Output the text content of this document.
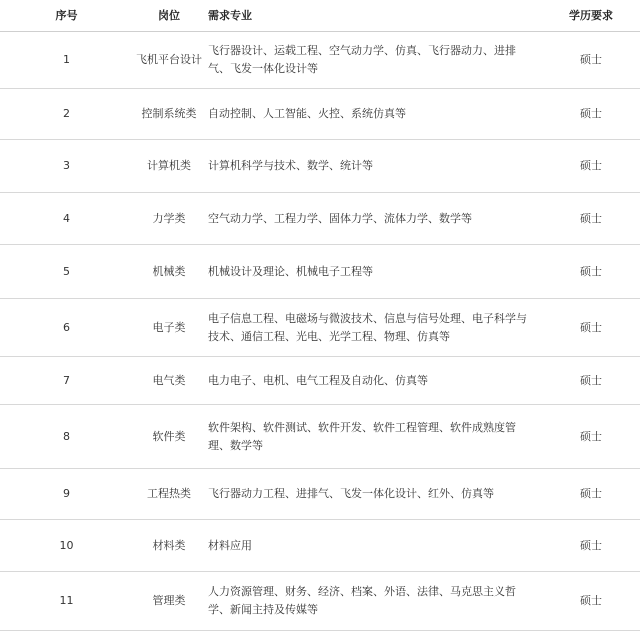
序号	岗位	需求专业	学历要求
1	飞机平台设计	飞行器设计、运载工程、空气动力学、仿真、飞行器动力、进排气、飞发一体化设计等	硕士
2	控制系统类	自动控制、人工智能、火控、系统仿真等	硕士
3	计算机类	计算机科学与技术、数学、统计等	硕士
4	力学类	空气动力学、工程力学、固体力学、流体力学、数学等	硕士
5	机械类	机械设计及理论、机械电子工程等	硕士
6	电子类	电子信息工程、电磁场与微波技术、信息与信号处理、电子科学与技术、通信工程、光电、光学工程、物理、仿真等	硕士
7	电气类	电力电子、电机、电气工程及自动化、仿真等	硕士
8	软件类	软件架构、软件测试、软件开发、软件工程管理、软件成熟度管理、数学等	硕士
9	工程热类	飞行器动力工程、进排气、飞发一体化设计、红外、仿真等	硕士
10	材料类	材料应用	硕士
11	管理类	人力资源管理、财务、经济、档案、外语、法律、马克思主义哲学、新闻主持及传媒等	硕士
